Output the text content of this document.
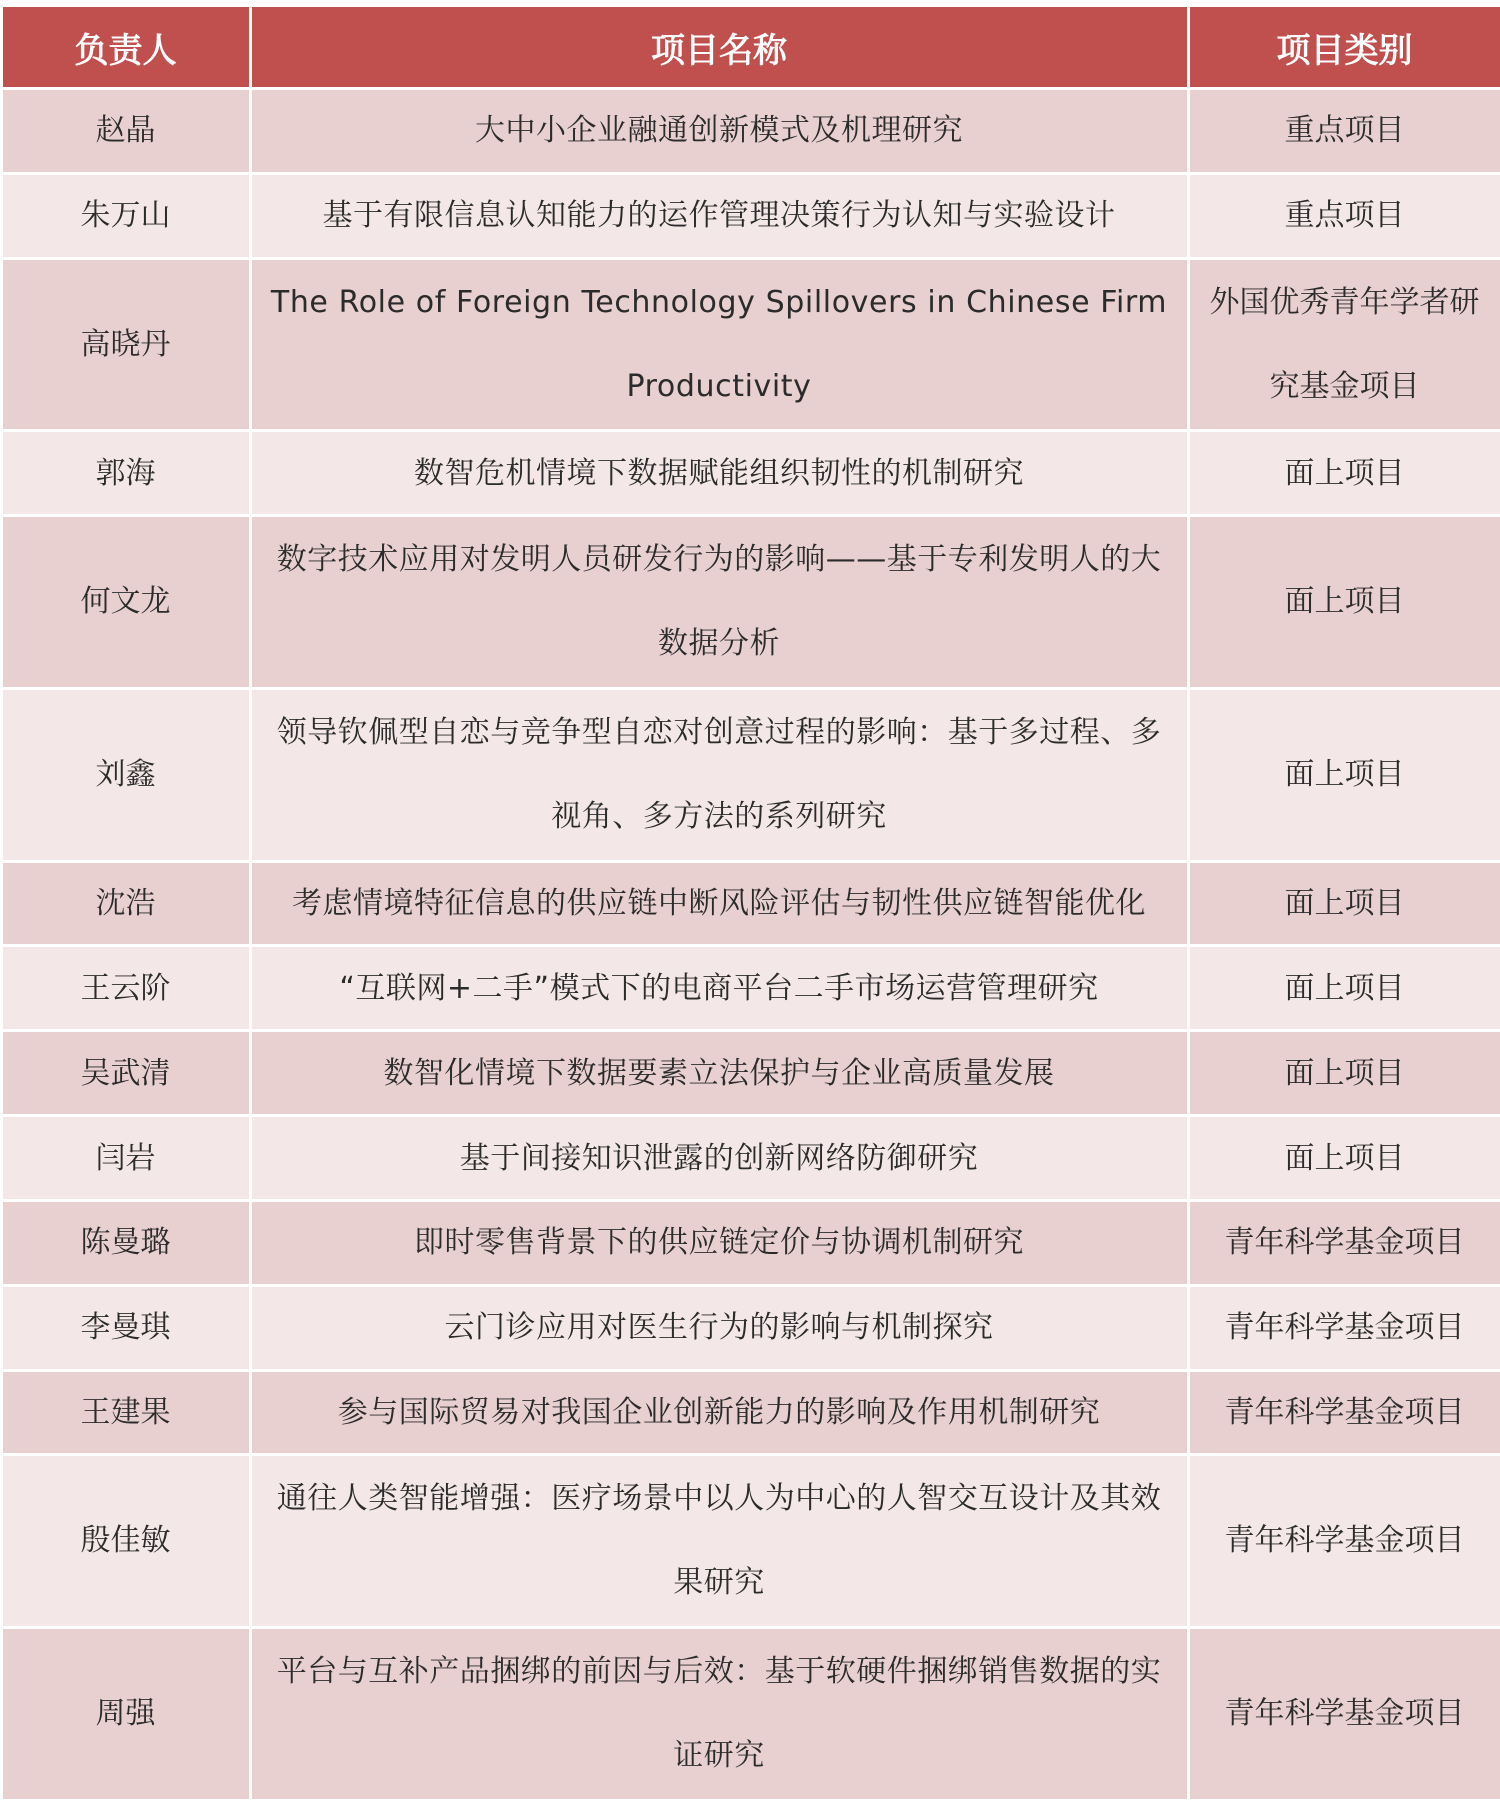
负责人	项目名称	项目类别
赵晶	大中小企业融通创新模式及机理研究	重点项目
朱万山	基于有限信息认知能力的运作管理决策行为认知与实验设计	重点项目
高晓丹	The Role of Foreign Technology Spillovers in Chinese Firm Productivity	外国优秀青年学者研究基金项目
郭海	数智危机情境下数据赋能组织韧性的机制研究	面上项目
何文龙	数字技术应用对发明人员研发行为的影响——基于专利发明人的大数据分析	面上项目
刘鑫	领导钦佩型自恋与竞争型自恋对创意过程的影响：基于多过程、多视角、多方法的系列研究	面上项目
沈浩	考虑情境特征信息的供应链中断风险评估与韧性供应链智能优化	面上项目
王云阶	“互联网+二手”模式下的电商平台二手市场运营管理研究	面上项目
吴武清	数智化情境下数据要素立法保护与企业高质量发展	面上项目
闫岩	基于间接知识泄露的创新网络防御研究	面上项目
陈曼璐	即时零售背景下的供应链定价与协调机制研究	青年科学基金项目
李曼琪	云门诊应用对医生行为的影响与机制探究	青年科学基金项目
王建果	参与国际贸易对我国企业创新能力的影响及作用机制研究	青年科学基金项目
殷佳敏	通往人类智能增强：医疗场景中以人为中心的人智交互设计及其效果研究	青年科学基金项目
周强	平台与互补产品捆绑的前因与后效：基于软硬件捆绑销售数据的实证研究	青年科学基金项目
